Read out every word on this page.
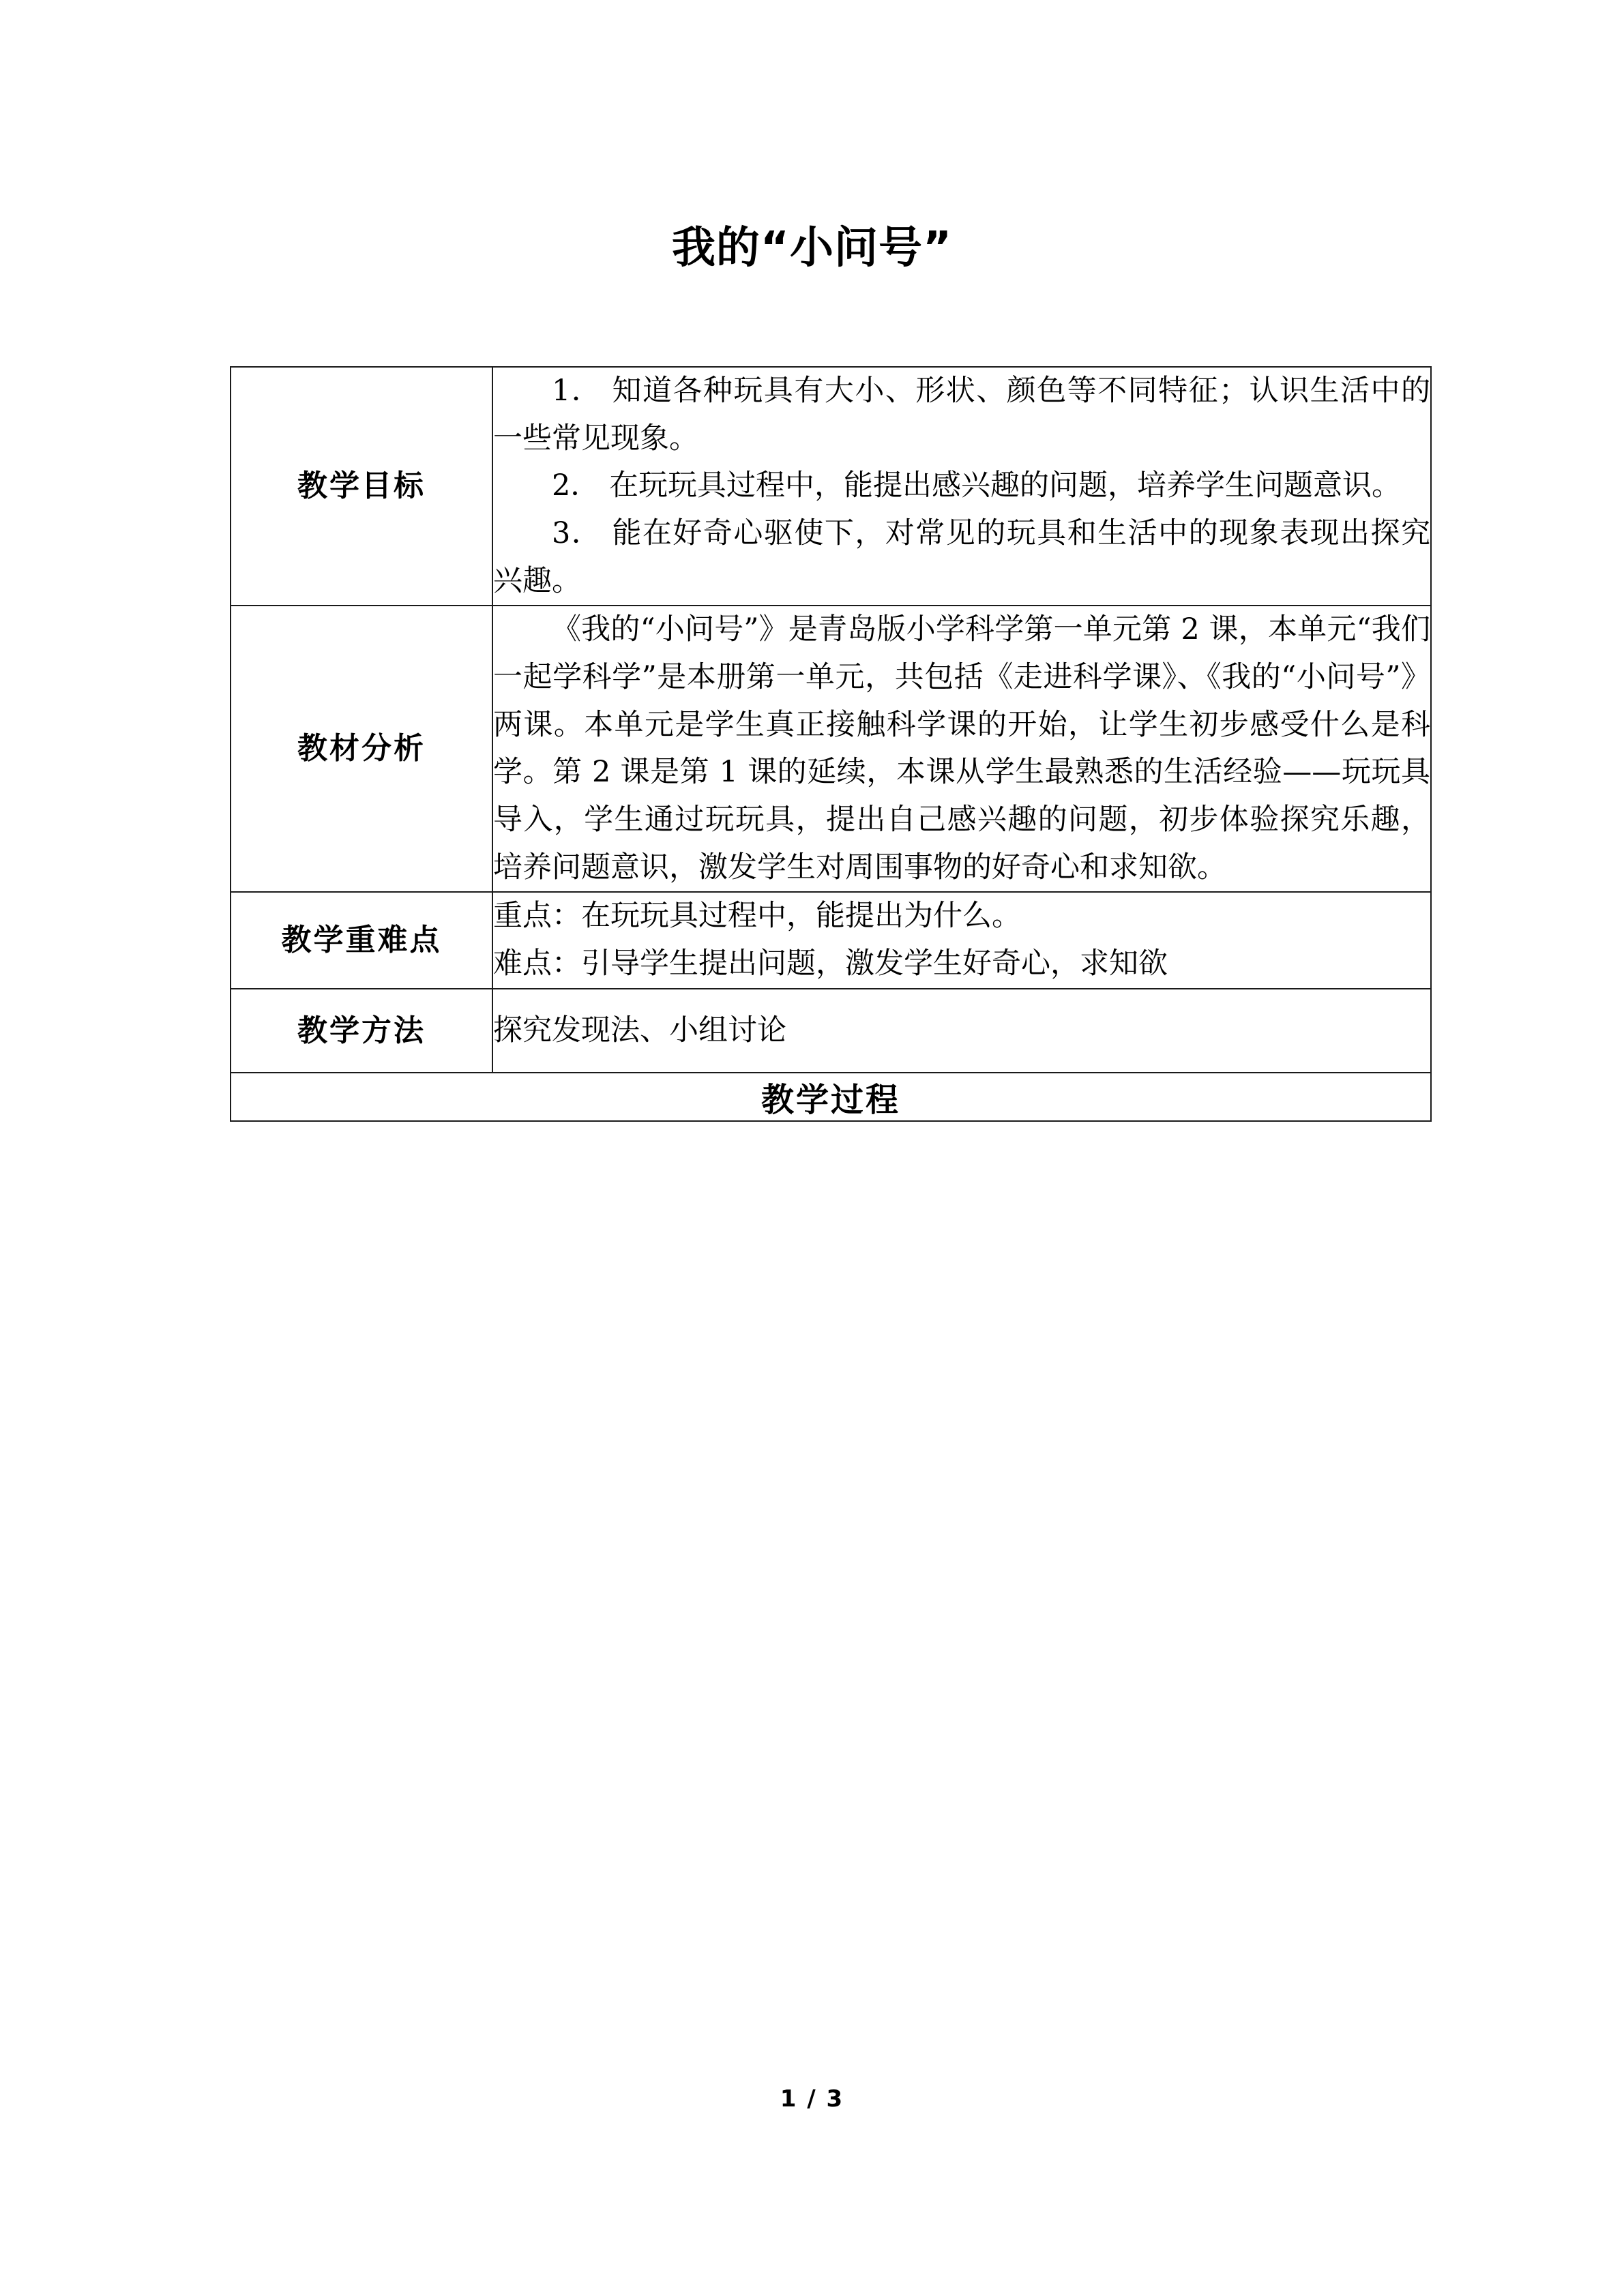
我的“小问号”
教学目标	1． 知道各种玩具有大小、形状、颜色等不同特征；认识生活中的一些常见现象。

2． 在玩玩具过程中，能提出感兴趣的问题，培养学生问题意识。

3． 能在好奇心驱使下，对常见的玩具和生活中的现象表现出探究兴趣。

教材分析	《我的“小问号”》是青岛版小学科学第一单元第 2 课，本单元“我们一起学科学”是本册第一单元，共包括《走进科学课》、《我的“小问号”》两课。本单元是学生真正接触科学课的开始，让学生初步感受什么是科学。第 2 课是第 1 课的延续，本课从学生最熟悉的生活经验——玩玩具导入，学生通过玩玩具，提出自己感兴趣的问题，初步体验探究乐趣，培养问题意识，激发学生对周围事物的好奇心和求知欲。

教学重难点	重点：在玩玩具过程中，能提出为什么。

难点：引导学生提出问题，激发学生好奇心，求知欲

教学方法	探究发现法、小组讨论

教学过程	
1 / 3
